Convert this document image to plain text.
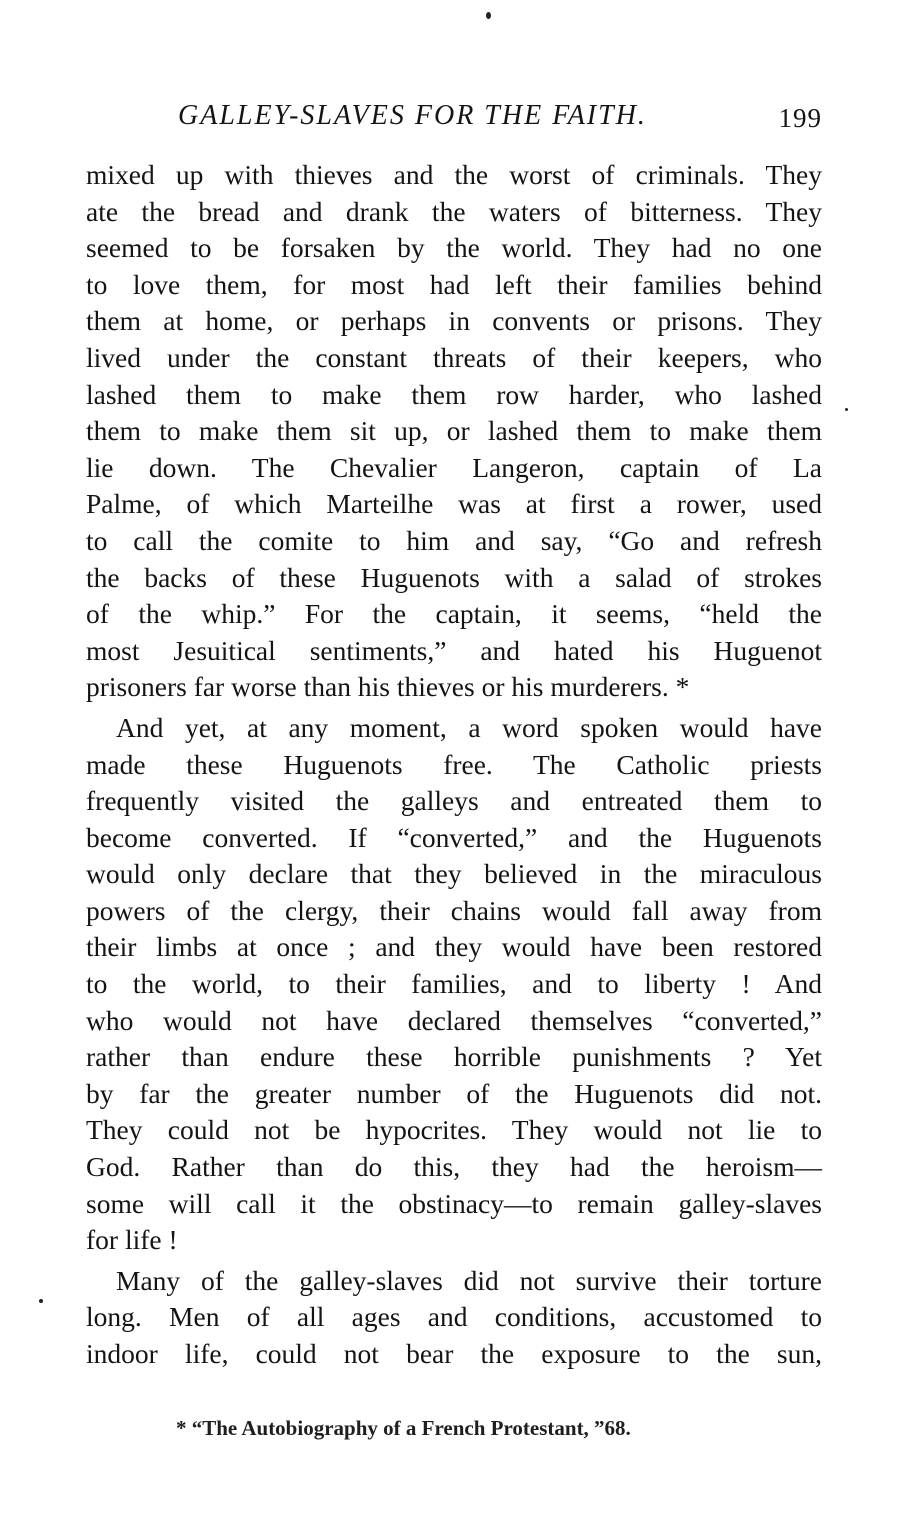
GALLEY-SLAVES FOR THE FAITH.	199
mixed up with thieves and the worst of criminals. They
ate the bread and drank the waters of bitterness. They
seemed to be forsaken by the world. They had no one
to love them, for most had left their families behind
them at home, or perhaps in convents or prisons. They
lived under the constant threats of their keepers, who
lashed them to make them row harder, who lashed
them to make them sit up, or lashed them to make them
lie down. The Chevalier Langeron, captain of La
Palme, of which Marteilhe was at first a rower, used
to call the comite to him and say, “Go and refresh
the backs of these Huguenots with a salad of strokes
of the whip.” For the captain, it seems, “held the
most Jesuitical sentiments,” and hated his Huguenot
prisoners far worse than his thieves or his murderers. *
And yet, at any moment, a word spoken would have
made these Huguenots free. The Catholic priests
frequently visited the galleys and entreated them to
become converted. If “converted,” and the Huguenots
would only declare that they believed in the miraculous
powers of the clergy, their chains would fall away from
their limbs at once ; and they would have been restored
to the world, to their families, and to liberty ! And
who would not have declared themselves “converted,”
rather than endure these horrible punishments ? Yet
by far the greater number of the Huguenots did not.
They could not be hypocrites. They would not lie to
God. Rather than do this, they had the heroism—
some will call it the obstinacy—to remain galley-slaves
for life !
Many of the galley-slaves did not survive their torture
long. Men of all ages and conditions, accustomed to
indoor life, could not bear the exposure to the sun,
* “The Autobiography of a French Protestant, ”68.
